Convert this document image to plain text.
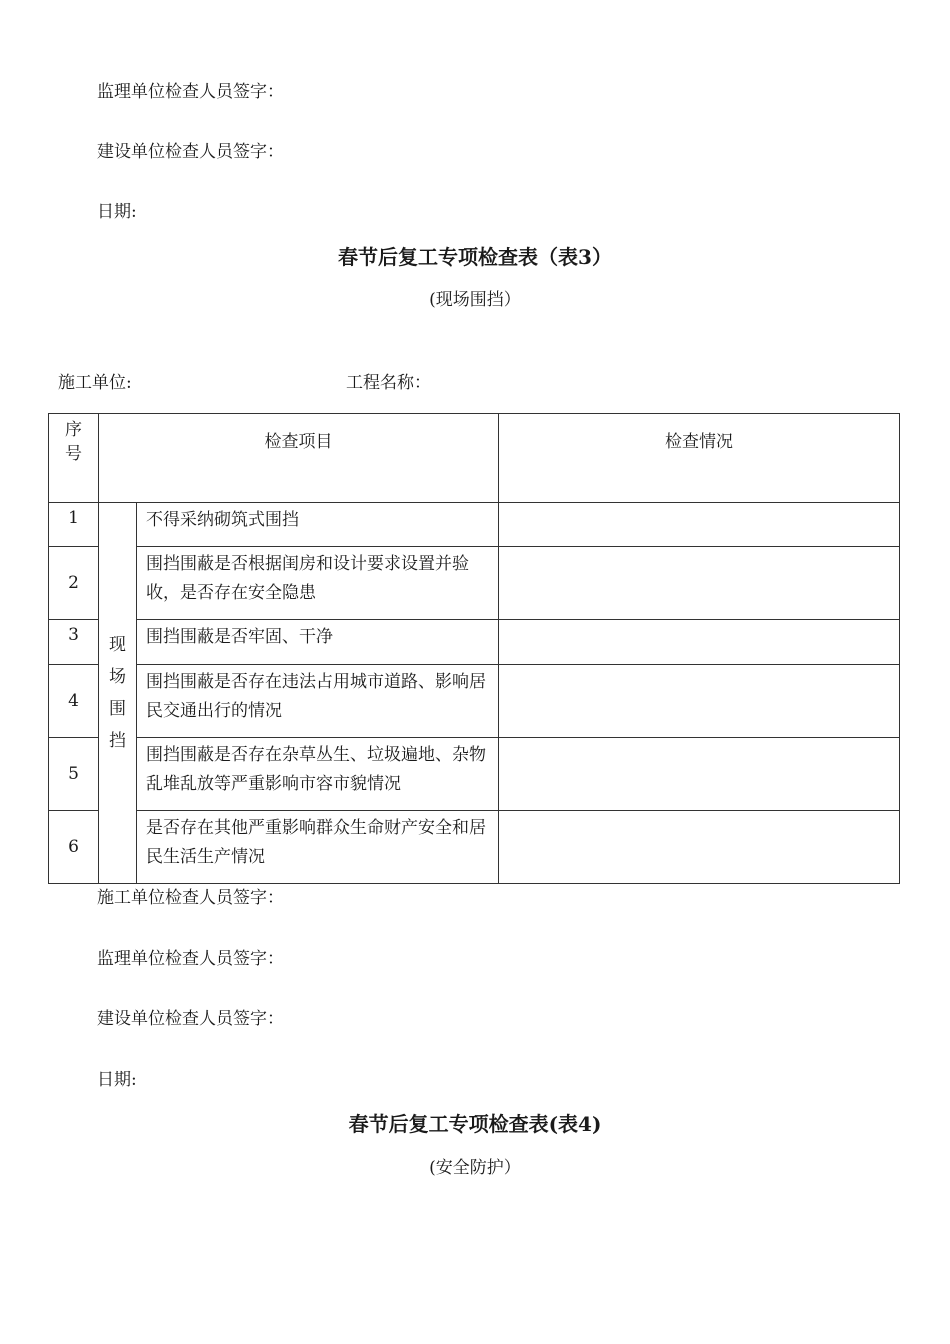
监理单位检查人员签字：
建设单位检查人员签字：
日期:
春节后复工专项检查表（表3）
(现场围挡）
施工单位:	工程名称：
序号	检查项目		检查情况
1	现场围挡	不得采纳砌筑式围挡	
2		围挡围蔽是否根据闺房和设计要求设置并验收，是否存在安全隐患	
3		围挡围蔽是否牢固、干净	
4		围挡围蔽是否存在违法占用城市道路、影响居民交通出行的情况	
5		围挡围蔽是否存在杂草丛生、垃圾遍地、杂物乱堆乱放等严重影响市容市貌情况	
6		是否存在其他严重影响群众生命财产安全和居民生活生产情况	
施工单位检查人员签字：
监理单位检查人员签字：
建设单位检查人员签字：
日期:
春节后复工专项检查表(表4)
(安全防护）
